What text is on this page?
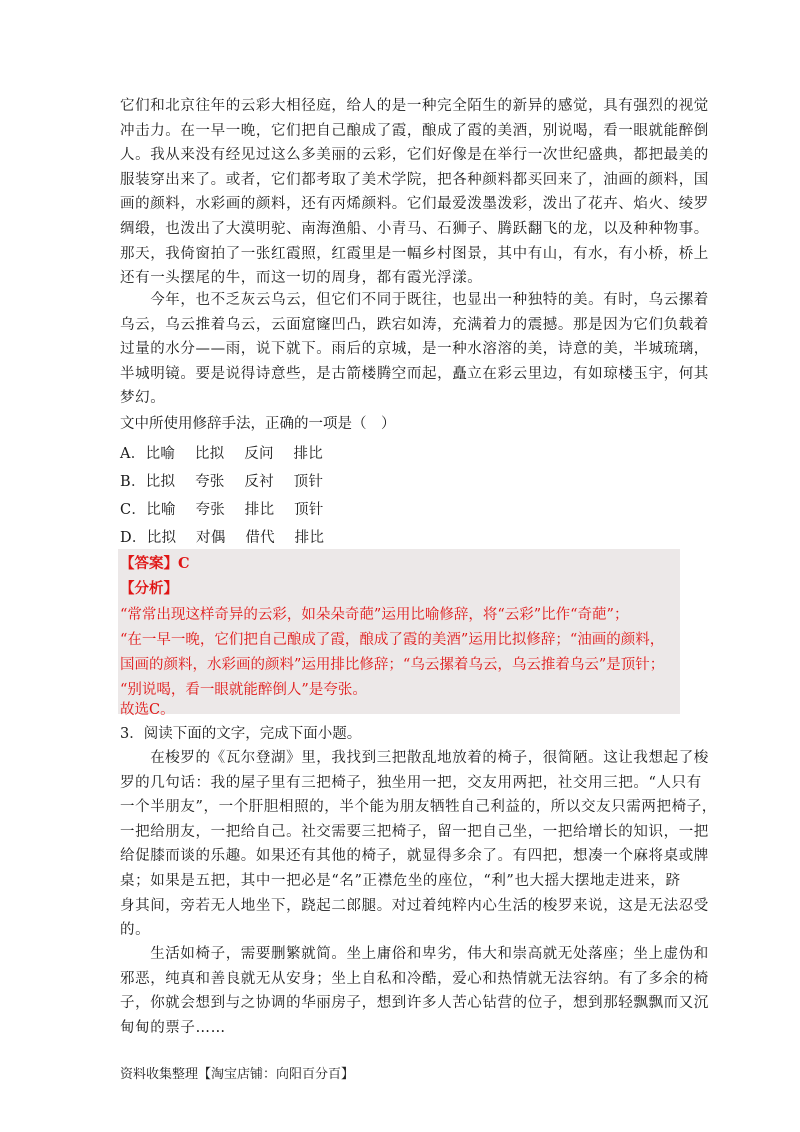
它们和北京往年的云彩大相径庭，给人的是一种完全陌生的新异的感觉，具有强烈的视觉
冲击力。在一早一晚，它们把自己酿成了霞，酿成了霞的美酒，别说喝，看一眼就能醉倒
人。我从来没有经见过这么多美丽的云彩，它们好像是在举行一次世纪盛典，都把最美的
服装穿出来了。或者，它们都考取了美术学院，把各种颜料都买回来了，油画的颜料，国
画的颜料，水彩画的颜料，还有丙烯颜料。它们最爱泼墨泼彩，泼出了花卉、焰火、绫罗
绸缎，也泼出了大漠明驼、南海渔船、小青马、石狮子、腾跃翻飞的龙，以及种种物事。
那天，我倚窗拍了一张红霞照，红霞里是一幅乡村图景，其中有山，有水，有小桥，桥上
还有一头摆尾的牛，而这一切的周身，都有霞光浮漾。
　　今年，也不乏灰云乌云，但它们不同于既往，也显出一种独特的美。有时，乌云摞着
乌云，乌云推着乌云，云面窟窿凹凸，跌宕如涛，充满着力的震撼。那是因为它们负载着
过量的水分——雨，说下就下。雨后的京城，是一种水溶溶的美，诗意的美，半城琉璃，
半城明镜。要是说得诗意些，是古箭楼腾空而起，矗立在彩云里边，有如琼楼玉宇，何其
梦幻。
文中所使用修辞手法，正确的一项是（　）
A．比喻　 比拟　 反问　 排比
B．比拟　 夸张　 反衬　 顶针
C．比喻　 夸张　 排比　 顶针
D．比拟　 对偶　 借代　 排比
【答案】C
【分析】
“常常出现这样奇异的云彩，如朵朵奇葩”运用比喻修辞，将“云彩”比作“奇葩”；
“在一早一晚，它们把自己酿成了霞，酿成了霞的美酒”运用比拟修辞；“油画的颜料，
国画的颜料，水彩画的颜料”运用排比修辞；“乌云摞着乌云，乌云推着乌云”是顶针；
“别说喝，看一眼就能醉倒人”是夸张。
故选C。
3．阅读下面的文字，完成下面小题。
　　在梭罗的《瓦尔登湖》里，我找到三把散乱地放着的椅子，很简陋。这让我想起了梭
罗的几句话：我的屋子里有三把椅子，独坐用一把，交友用两把，社交用三把。“人只有
一个半朋友”，一个肝胆相照的，半个能为朋友牺牲自己利益的，所以交友只需两把椅子，
一把给朋友，一把给自己。社交需要三把椅子，留一把自己坐，一把给增长的知识，一把
给促膝而谈的乐趣。如果还有其他的椅子，就显得多余了。有四把，想凑一个麻将桌或牌
桌；如果是五把，其中一把必是“名”正襟危坐的座位，“利”也大摇大摆地走进来，跻
身其间，旁若无人地坐下，跷起二郎腿。对过着纯粹内心生活的梭罗来说，这是无法忍受
的。
　　生活如椅子，需要删繁就简。坐上庸俗和卑劣，伟大和崇高就无处落座；坐上虚伪和
邪恶，纯真和善良就无从安身；坐上自私和冷酷，爱心和热情就无法容纳。有了多余的椅
子，你就会想到与之协调的华丽房子，想到许多人苦心钻营的位子，想到那轻飘飘而又沉
甸甸的票子……
资料收集整理【淘宝店铺：向阳百分百】
